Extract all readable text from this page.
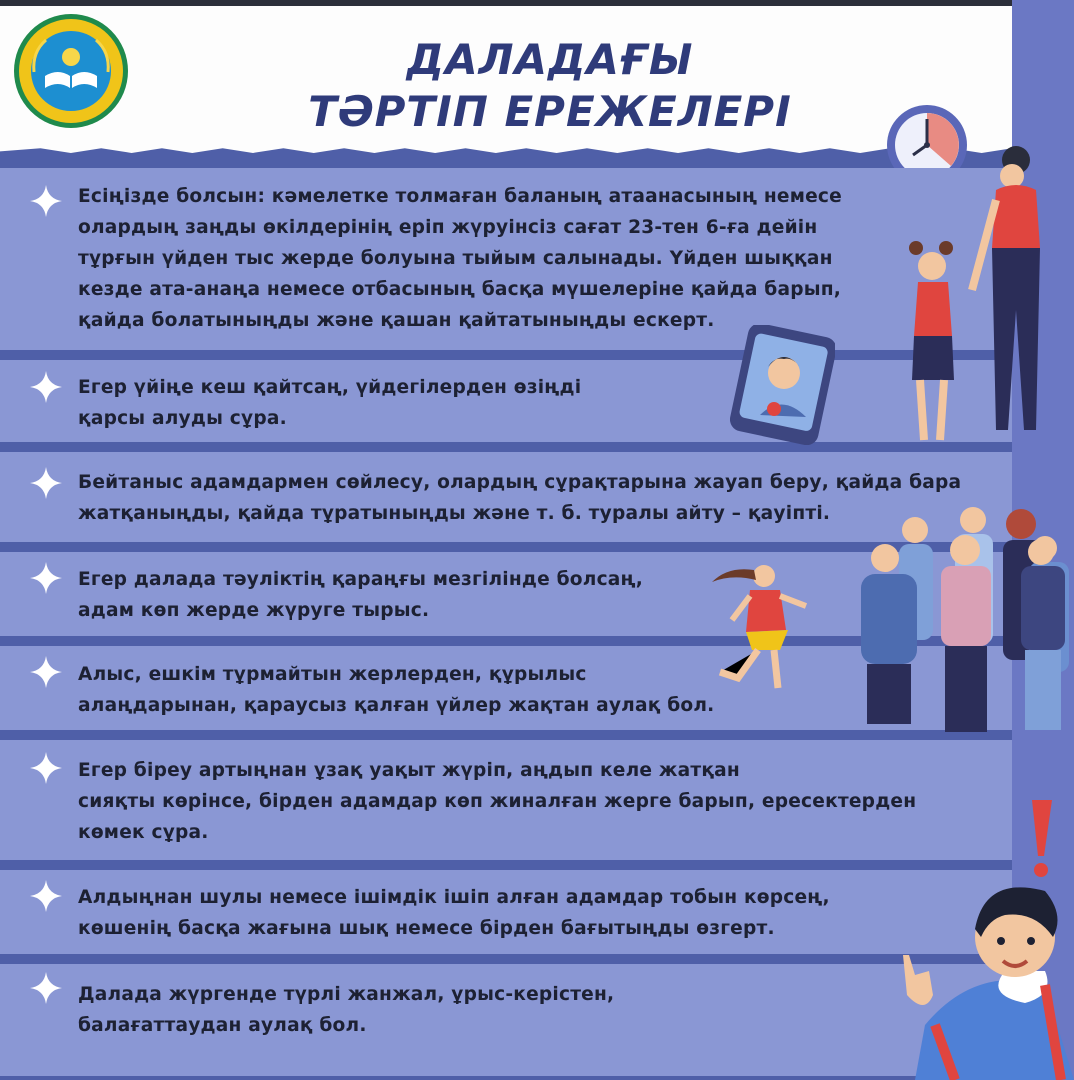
ДАЛАДАҒЫ
ТӘРТІП ЕРЕЖЕЛЕРІ
Есіңізде болсын: кәмелетке толмаған баланың атаанасының немесе
олардың заңды өкілдерінің еріп жүруінсіз сағат 23-тен 6-ға дейін
тұрғын үйден тыс жерде болуына тыйым салынады. Үйден шыққан
кезде ата-анаңа немесе отбасының басқа мүшелеріне қайда барып,
қайда болатыныңды және қашан қайтатыныңды ескерт.
Егер үйіңе кеш қайтсаң, үйдегілерден өзіңді
қарсы алуды сұра.
Бейтаныс адамдармен сөйлесу, олардың сұрақтарына жауап беру, қайда бара
жатқаныңды, қайда тұратыныңды және т. б. туралы айту – қауіпті.
Егер далада тәуліктің қараңғы мезгілінде болсаң,
адам көп жерде жүруге тырыс.
Алыс, ешкім тұрмайтын жерлерден, құрылыс
алаңдарынан, қараусыз қалған үйлер жақтан аулақ бол.
Егер біреу артыңнан ұзақ уақыт жүріп, аңдып келе жатқан
сияқты көрінсе, бірден адамдар көп жиналған жерге барып, ересектерден
көмек сұра.
Алдыңнан шулы немесе ішімдік ішіп алған адамдар тобын көрсең,
көшенің басқа жағына шық немесе бірден бағытыңды өзгерт.
Далада жүргенде түрлі жанжал, ұрыс-керістен,
балағаттаудан аулақ бол.
